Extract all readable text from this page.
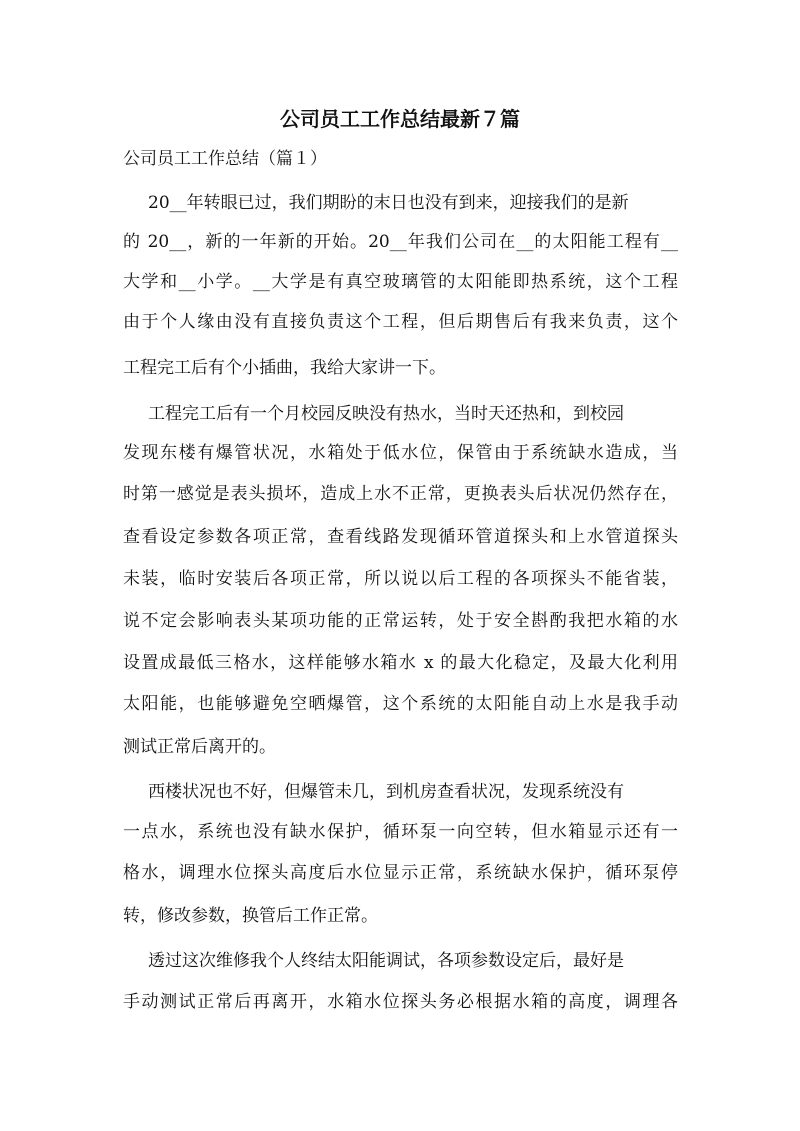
公司员工工作总结最新７篇
公司员工工作总结（篇１）
20__年转眼已过，我们期盼的末日也没有到来，迎接我们的是新
的 20__，新的一年新的开始。20__年我们公司在__的太阳能工程有__
大学和__小学。__大学是有真空玻璃管的太阳能即热系统，这个工程
由于个人缘由没有直接负责这个工程，但后期售后有我来负责，这个
工程完工后有个小插曲，我给大家讲一下。
工程完工后有一个月校园反映没有热水，当时天还热和，到校园
发现东楼有爆管状况，水箱处于低水位，保管由于系统缺水造成，当
时第一感觉是表头损坏，造成上水不正常，更换表头后状况仍然存在，
查看设定参数各项正常，查看线路发现循环管道探头和上水管道探头
未装，临时安装后各项正常，所以说以后工程的各项探头不能省装，
说不定会影响表头某项功能的正常运转，处于安全斟酌我把水箱的水
设置成最低三格水，这样能够水箱水 x 的最大化稳定，及最大化利用
太阳能，也能够避免空晒爆管，这个系统的太阳能自动上水是我手动
测试正常后离开的。
西楼状况也不好，但爆管未几，到机房查看状况，发现系统没有
一点水，系统也没有缺水保护，循环泵一向空转，但水箱显示还有一
格水，调理水位探头高度后水位显示正常，系统缺水保护，循环泵停
转，修改参数，换管后工作正常。
透过这次维修我个人终结太阳能调试，各项参数设定后，最好是
手动测试正常后再离开，水箱水位探头务必根据水箱的高度，调理各
